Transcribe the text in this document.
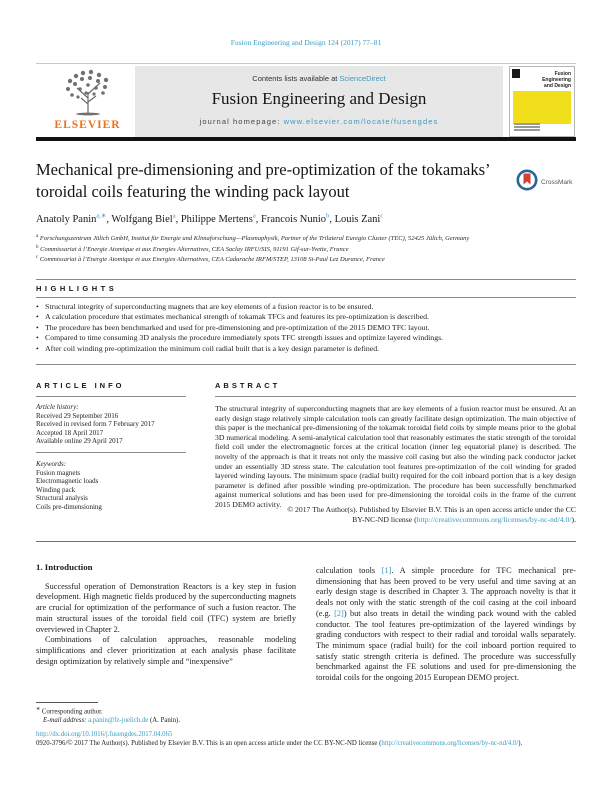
Fusion Engineering and Design 124 (2017) 77–81
ELSEVIER
Contents lists available at ScienceDirect
Fusion Engineering and Design
journal homepage: www.elsevier.com/locate/fusengdes
Fusion Engineering
and Design
Mechanical pre-dimensioning and pre-optimization of the tokamaks’ toroidal coils featuring the winding pack layout	CrossMark
Anatoly Panin$^{a,∗}$, Wolfgang Biel$^a$, Philippe Mertens$^a$, Francois Nunio$^b$, Louis Zani$^c$
$^a$ Forschungszentrum Jülich GmbH, Institut für Energie und Klimaforschung—Plasmaphysik, Partner of the Trilateral Euregio Cluster (TEC), 52425 Jülich, Germany
$^b$ Commissariat à l’Energie Atomique et aux Energies Alternatives, CEA Saclay IRFU/SIS, 91191 Gif-sur-Yvette, France
$^c$ Commissariat à l’Energie Atomique et aux Energies Alternatives, CEA Cadarache IRFM/STEP, 13108 St-Paul Lez Durance, France
HIGHLIGHTS
• Structural integrity of superconducting magnets that are key elements of a fusion reactor is to be ensured.
• A calculation procedure that estimates mechanical strength of tokamak TFCs and features its pre-optimization is described.
• The procedure has been benchmarked and used for pre-dimensioning and pre-optimization of the 2015 DEMO TFC layout.
• Compared to time consuming 3D analysis the procedure immediately spots TFC strength issues and optimize layered windings.
• After coil winding pre-optimization the minimum coil radial built that is a key design parameter is defined.
ARTICLE INFO	ABSTRACT
Article history:
Received 29 September 2016
Received in revised form 7 February 2017
Accepted 18 April 2017
Available online 29 April 2017
Keywords:
Fusion magnets
Electromagnetic loads
Winding pack
Structural analysis
Coils pre-dimensioning
The structural integrity of superconducting magnets that are key elements of a fusion reactor must be ensured. At an early design stage relatively simple calculation tools can greatly facilitate design optimization. The main objective of this paper is the mechanical pre-dimensioning of the tokamak toroidal field coils by simple means prior to the global 3D numerical modeling. A semi-analytical calculation tool that reasonably estimates the static strength of the toroidal field coil under the electromagnetic forces at the critical location (inner leg equatorial plane) is described. The novelty of the approach is that it treats not only the massive coil casing but also the winding pack conductor jacket under an essentially 3D stress state. The calculation tool features pre-optimization of the coil winding for graded layered winding layouts. The minimum space (radial built) required for the coil inboard portion that is a key design parameter is defined after possible winding pre-optimization. The procedure has been successfully benchmarked against numerical solutions and has been used for pre-dimensioning the toroidal coils in the frame of the current 2015 DEMO activity.
© 2017 The Author(s). Published by Elsevier B.V. This is an open access article under the CC
BY-NC-ND license (http://creativecommons.org/licenses/by-nc-nd/4.0/).
1. Introduction

Successful operation of Demonstration Reactors is a key step in fusion development. High magnetic fields produced by the superconducting magnets are crucial for optimization of the performance of such a fusion reactor. The main structural issues of the toroidal field coil (TFC) system are briefly overviewed in Chapter 2.

Combinations of calculation approaches, reasonable modeling simplifications and clever prioritization at each analysis phase facilitate design optimization by relatively simple and “inexpensive”

calculation tools [1]. A simple procedure for TFC mechanical pre-dimensioning that has been proved to be very useful and time saving at an early design stage is described in Chapter 3. The approach novelty is that it deals not only with the static strength of the coil casing at the coil inboard (e.g. [2]) but also treats in detail the winding pack wound with the cabled conductor. The tool features pre-optimization of the layered windings by grading conductors with respect to their radial and toroidal walls separately. The minimum space (radial built) for the coil inboard portion required to satisfy static strength criteria is defined. The procedure was successfully benchmarked against the FE solutions and used for pre-dimensioning the toroidal coils for the ongoing 2015 European DEMO project.
∗ Corresponding author.
E-mail address: a.panin@fz-juelich.de (A. Panin).
http://dx.doi.org/10.1016/j.fusengdes.2017.04.065
0920-3796/© 2017 The Author(s). Published by Elsevier B.V. This is an open access article under the CC BY-NC-ND license (http://creativecommons.org/licenses/by-nc-nd/4.0/).
